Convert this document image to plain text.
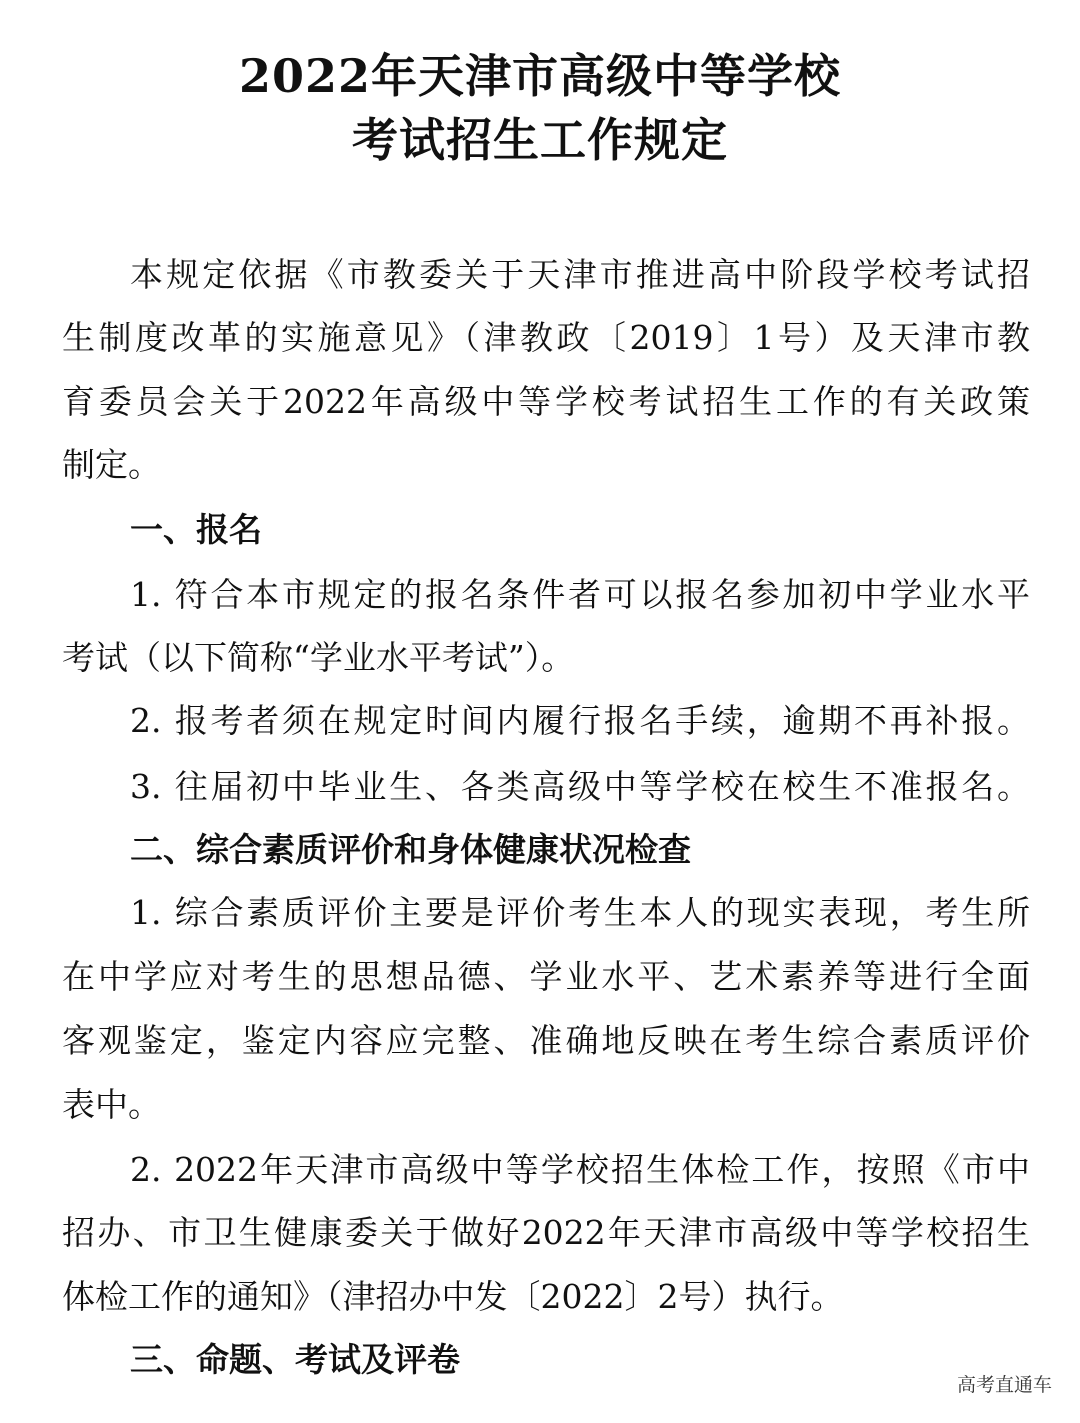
2022年天津市高级中等学校
考试招生工作规定
本规定依据《市教委关于天津市推进高中阶段学校考试招
生制度改革的实施意见》（津教政〔2019〕1号）及天津市教
育委员会关于2022年高级中等学校考试招生工作的有关政策
制定。
一、报名
1. 符合本市规定的报名条件者可以报名参加初中学业水平
考试（以下简称“学业水平考试”）。
2. 报考者须在规定时间内履行报名手续，逾期不再补报。
3. 往届初中毕业生、各类高级中等学校在校生不准报名。
二、综合素质评价和身体健康状况检查
1. 综合素质评价主要是评价考生本人的现实表现，考生所
在中学应对考生的思想品德、学业水平、艺术素养等进行全面
客观鉴定，鉴定内容应完整、准确地反映在考生综合素质评价
表中。
2. 2022年天津市高级中等学校招生体检工作，按照《市中
招办、市卫生健康委关于做好2022年天津市高级中等学校招生
体检工作的通知》（津招办中发〔2022〕2号）执行。
三、命题、考试及评卷
高考直通车
